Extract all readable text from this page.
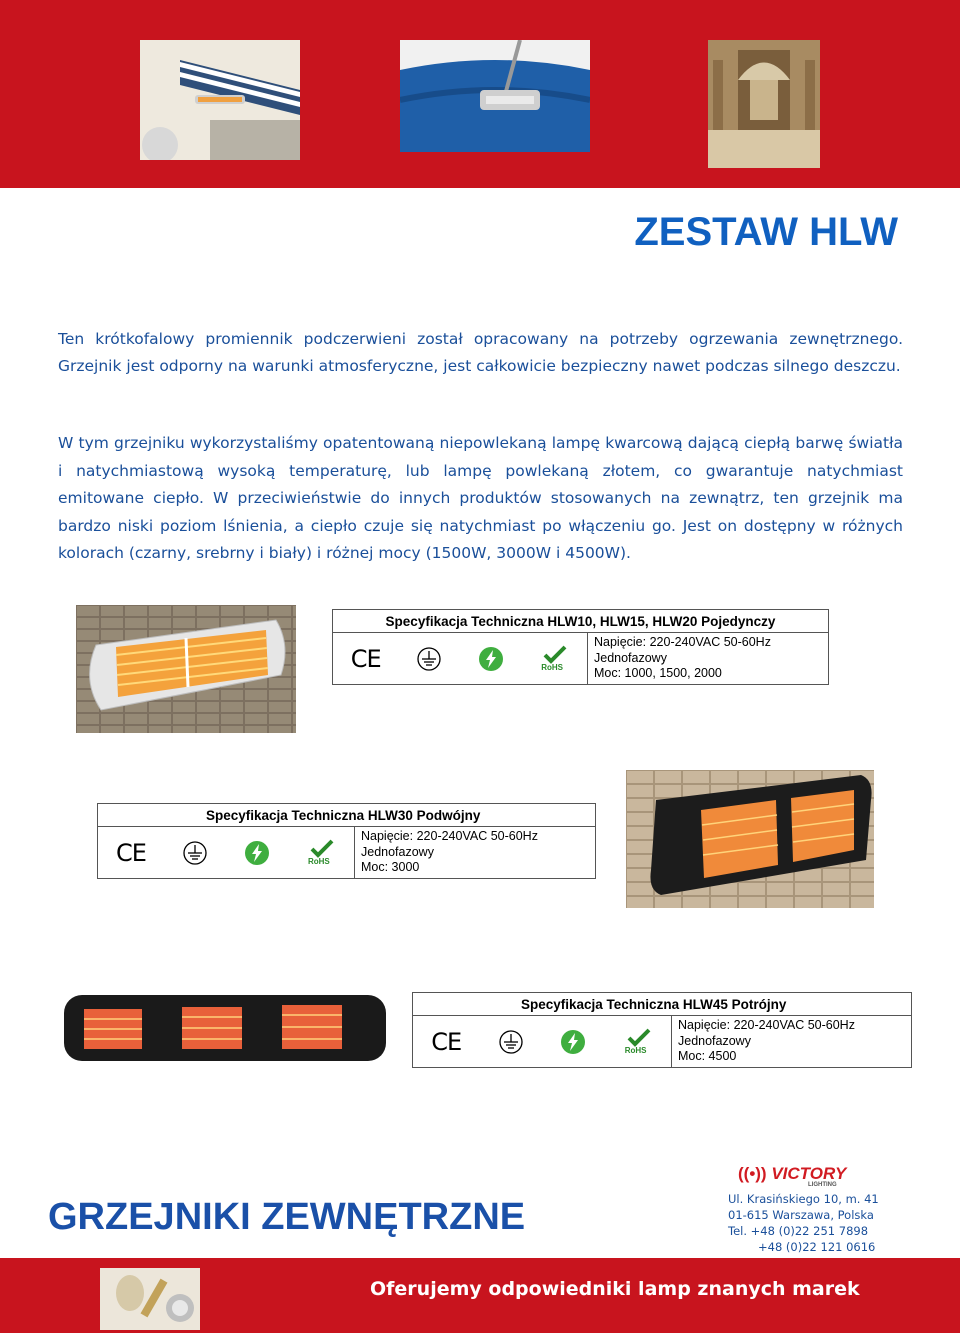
ZESTAW HLW
Ten krótkofalowy promiennik podczerwieni został opracowany na potrzeby ogrzewania zewnętrznego. Grzejnik jest odporny na warunki atmosferyczne, jest całkowicie bezpieczny nawet podczas silnego deszczu.
W tym grzejniku wykorzystaliśmy opatentowaną niepowlekaną lampę kwarcową dającą ciepłą barwę światła i natychmiastową wysoką temperaturę, lub lampę powlekaną złotem, co gwarantuje natychmiast emitowane ciepło. W przeciwieństwie do innych produktów stosowanych na zewnątrz, ten grzejnik ma bardzo niski poziom lśnienia, a ciepło czuje się natychmiast po włączeniu go. Jest on dostępny w różnych kolorach (czarny, srebrny i biały) i różnej mocy (1500W, 3000W i 4500W).
Specyfikacja Techniczna HLW10, HLW15, HLW20 Pojedynczy

CE	RoHS

Napięcie: 220-240VAC 50-60Hz
Jednofazowy
Moc: 1000, 1500, 2000
Specyfikacja Techniczna HLW30 Podwójny

CE	RoHS

Napięcie: 220-240VAC 50-60Hz
Jednofazowy
Moc: 3000
Specyfikacja Techniczna HLW45 Potrójny

CE	RoHS

Napięcie: 220-240VAC 50-60Hz
Jednofazowy
Moc: 4500
((•)) VICTORY
LIGHTING
GRZEJNIKI ZEWNĘTRZNE	Ul. Krasińskiego 10, m. 41
01-615 Warszawa, Polska
Tel. +48 (0)22 251 7898
+48 (0)22 121 0616
Oferujemy odpowiedniki lamp znanych marek
